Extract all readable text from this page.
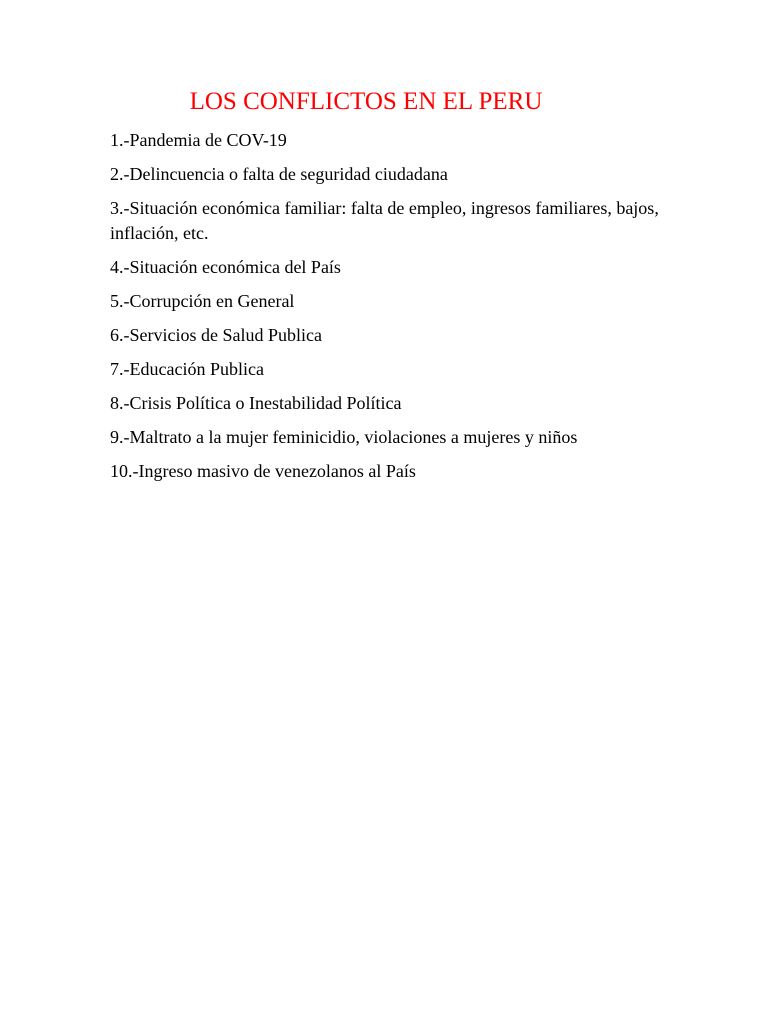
LOS CONFLICTOS EN EL PERU
1.-Pandemia de COV-19
2.-Delincuencia o falta de seguridad ciudadana
3.-Situación económica familiar: falta de empleo, ingresos familiares, bajos, inflación, etc.
4.-Situación económica del País
5.-Corrupción en General
6.-Servicios de Salud Publica
7.-Educación Publica
8.-Crisis Política o Inestabilidad Política
9.-Maltrato a la mujer feminicidio, violaciones a mujeres y niños
10.-Ingreso masivo de venezolanos al País
